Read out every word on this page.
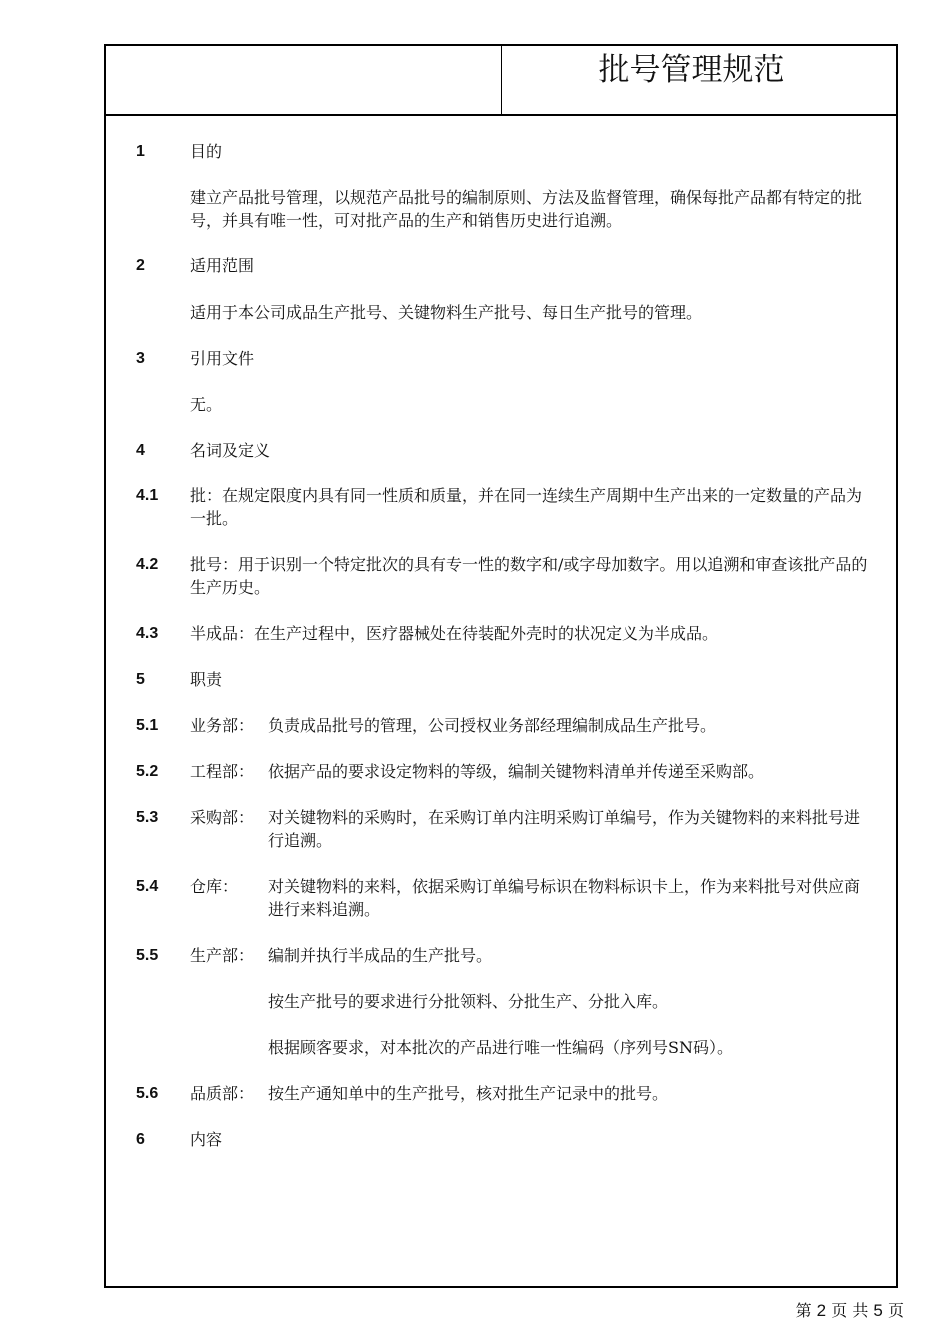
批号管理规范
1	目的
建立产品批号管理，以规范产品批号的编制原则、方法及监督管理，确保每批产品都有特定的批号，并具有唯一性，可对批产品的生产和销售历史进行追溯。
2	适用范围
适用于本公司成品生产批号、关键物料生产批号、每日生产批号的管理。
3	引用文件
无。
4	名词及定义
4.1 批：在规定限度内具有同一性质和质量，并在同一连续生产周期中生产出来的一定数量的产品为一批。
4.2 批号：用于识别一个特定批次的具有专一性的数字和/或字母加数字。用以追溯和审查该批产品的生产历史。
4.3 半成品：在生产过程中，医疗器械处在待装配外壳时的状况定义为半成品。
5	职责
5.1 业务部： 负责成品批号的管理，公司授权业务部经理编制成品生产批号。
5.2 工程部： 依据产品的要求设定物料的等级，编制关键物料清单并传递至采购部。
5.3 采购部： 对关键物料的采购时，在采购订单内注明采购订单编号，作为关键物料的来料批号进行追溯。
5.4 仓库： 对关键物料的来料，依据采购订单编号标识在物料标识卡上，作为来料批号对供应商进行来料追溯。
5.5 生产部： 编制并执行半成品的生产批号。
按生产批号的要求进行分批领料、分批生产、分批入库。
根据顾客要求，对本批次的产品进行唯一性编码（序列号SN码）。
5.6 品质部： 按生产通知单中的生产批号，核对批生产记录中的批号。
6	内容
第 2 页 共 5 页
